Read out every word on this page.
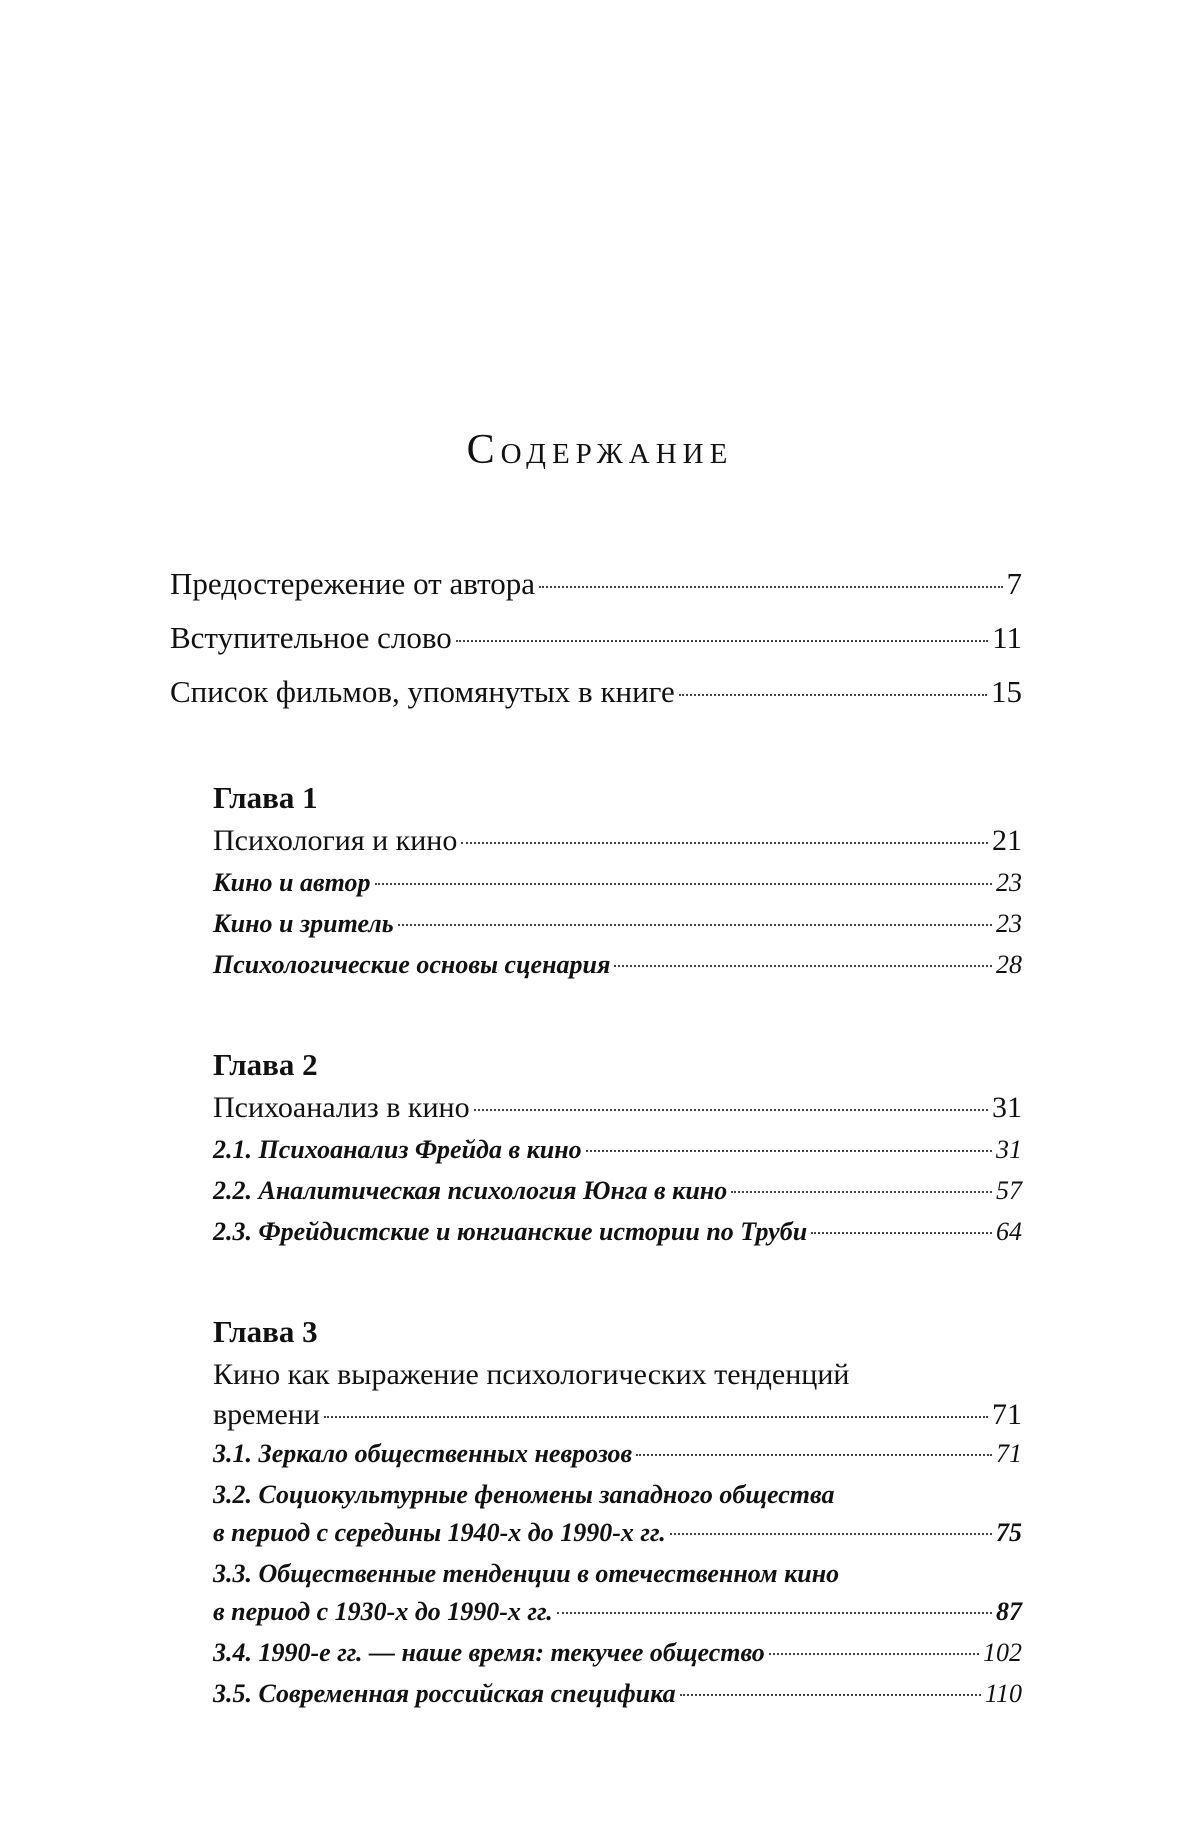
Содержание
Предостережение от автора	7
Вступительное слово	11
Список фильмов, упомянутых в книге	15
Глава 1
Психология и кино	21
Кино и автор	23
Кино и зритель	23
Психологические основы сценария	28
Глава 2
Психоанализ в кино	31
2.1. Психоанализ Фрейда в кино	31
2.2. Аналитическая психология Юнга в кино	57
2.3. Фрейдистские и юнгианские истории по Труби	64
Глава 3
Кино как выражение психологических тенденций
времени	71
3.1. Зеркало общественных неврозов	71
3.2. Социокультурные феномены западного общества
в период с середины 1940-х до 1990-х гг.	75
3.3. Общественные тенденции в отечественном кино
в период с 1930-х до 1990-х гг.	87
3.4. 1990-е гг. — наше время: текучее общество	102
3.5. Современная российская специфика	110
